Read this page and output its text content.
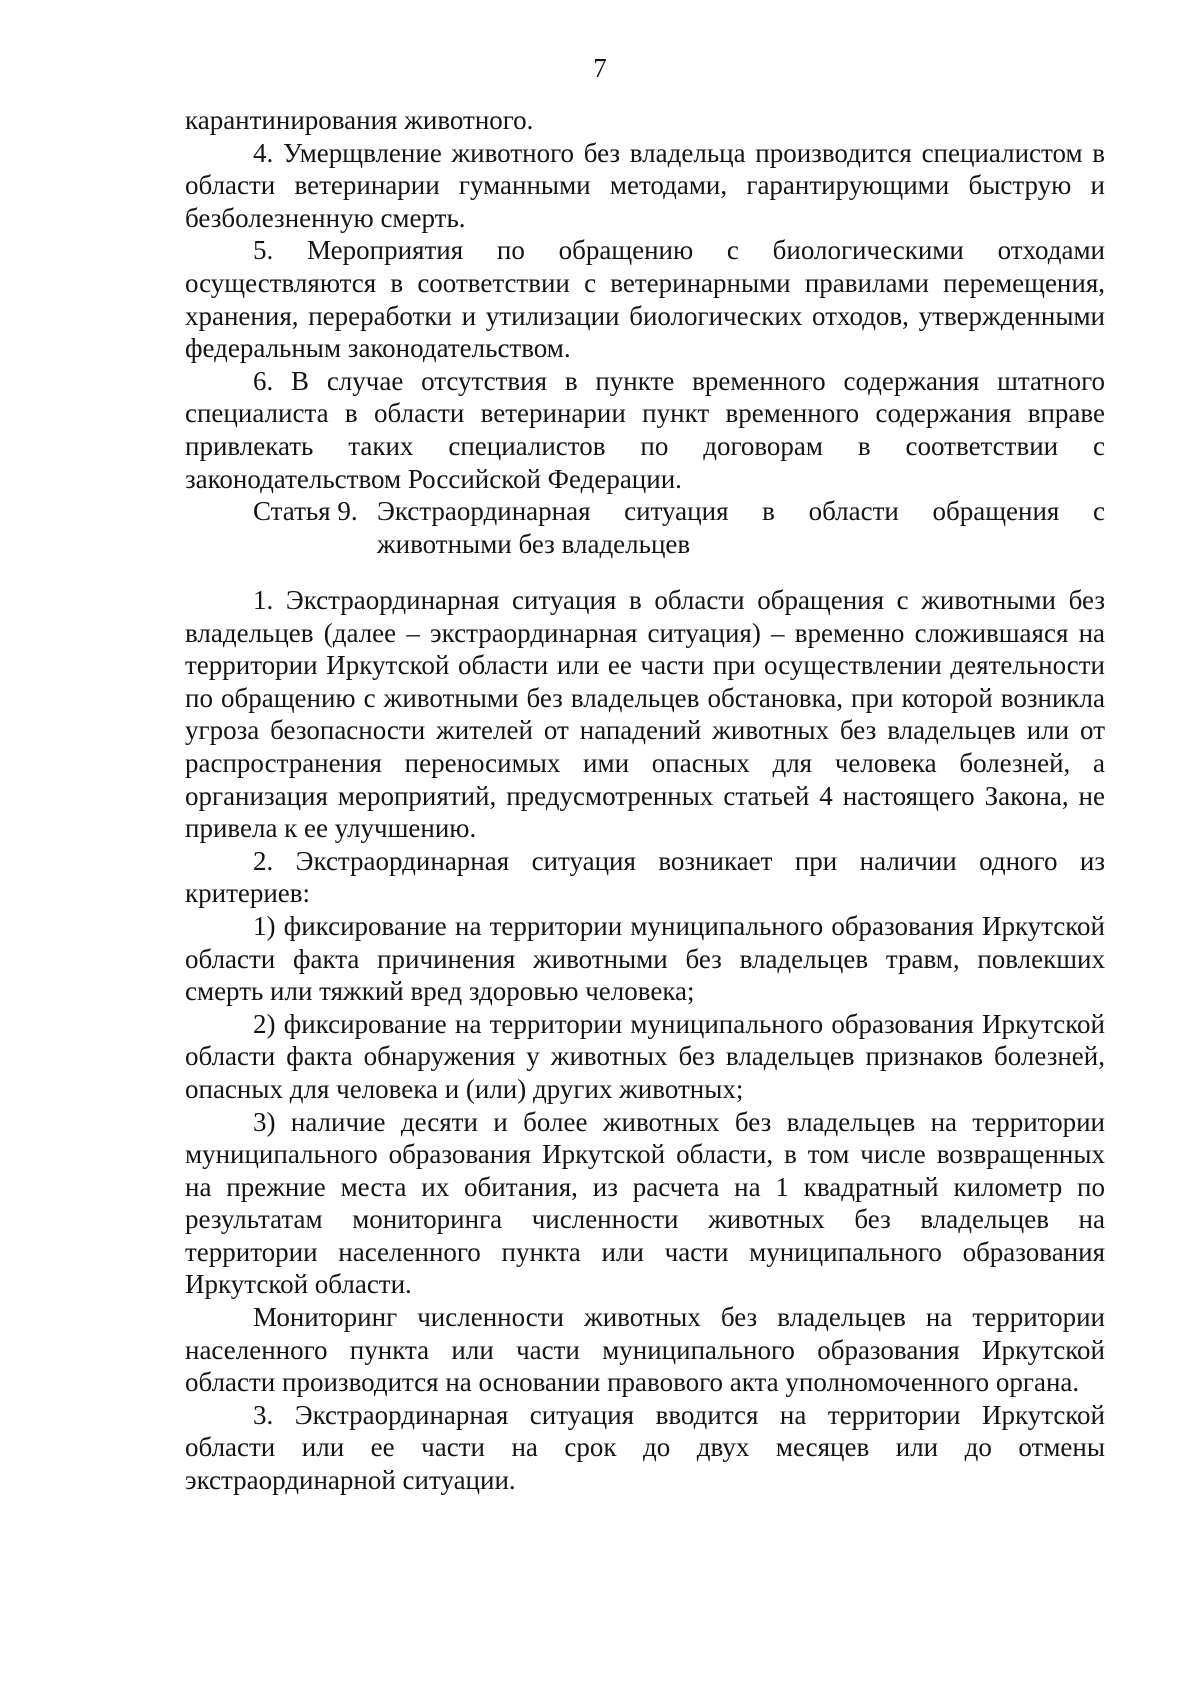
7

карантинирования животного.

4. Умерщвление животного без владельца производится специалистом в области ветеринарии гуманными методами, гарантирующими быструю и безболезненную смерть.

5. Мероприятия по обращению с биологическими отходами осуществляются в соответствии с ветеринарными правилами перемещения, хранения, переработки и утилизации биологических отходов, утвержденными федеральным законодательством.

6. В случае отсутствия в пункте временного содержания штатного специалиста в области ветеринарии пункт временного содержания вправе привлекать таких специалистов по договорам в соответствии с законодательством Российской Федерации.

Статья 9. Экстраординарная ситуация в области обращения с животными без владельцев

1. Экстраординарная ситуация в области обращения с животными без владельцев (далее – экстраординарная ситуация) – временно сложившаяся на территории Иркутской области или ее части при осуществлении деятельности по обращению с животными без владельцев обстановка, при которой возникла угроза безопасности жителей от нападений животных без владельцев или от распространения переносимых ими опасных для человека болезней, а организация мероприятий, предусмотренных статьей 4 настоящего Закона, не привела к ее улучшению.

2. Экстраординарная ситуация возникает при наличии одного из критериев:

1) фиксирование на территории муниципального образования Иркутской области факта причинения животными без владельцев травм, повлекших смерть или тяжкий вред здоровью человека;

2) фиксирование на территории муниципального образования Иркутской области факта обнаружения у животных без владельцев признаков болезней, опасных для человека и (или) других животных;

3) наличие десяти и более животных без владельцев на территории муниципального образования Иркутской области, в том числе возвращенных на прежние места их обитания, из расчета на 1 квадратный километр по результатам мониторинга численности животных без владельцев на территории населенного пункта или части муниципального образования Иркутской области.

Мониторинг численности животных без владельцев на территории населенного пункта или части муниципального образования Иркутской области производится на основании правового акта уполномоченного органа.

3. Экстраординарная ситуация вводится на территории Иркутской области или ее части на срок до двух месяцев или до отмены экстраординарной ситуации.
